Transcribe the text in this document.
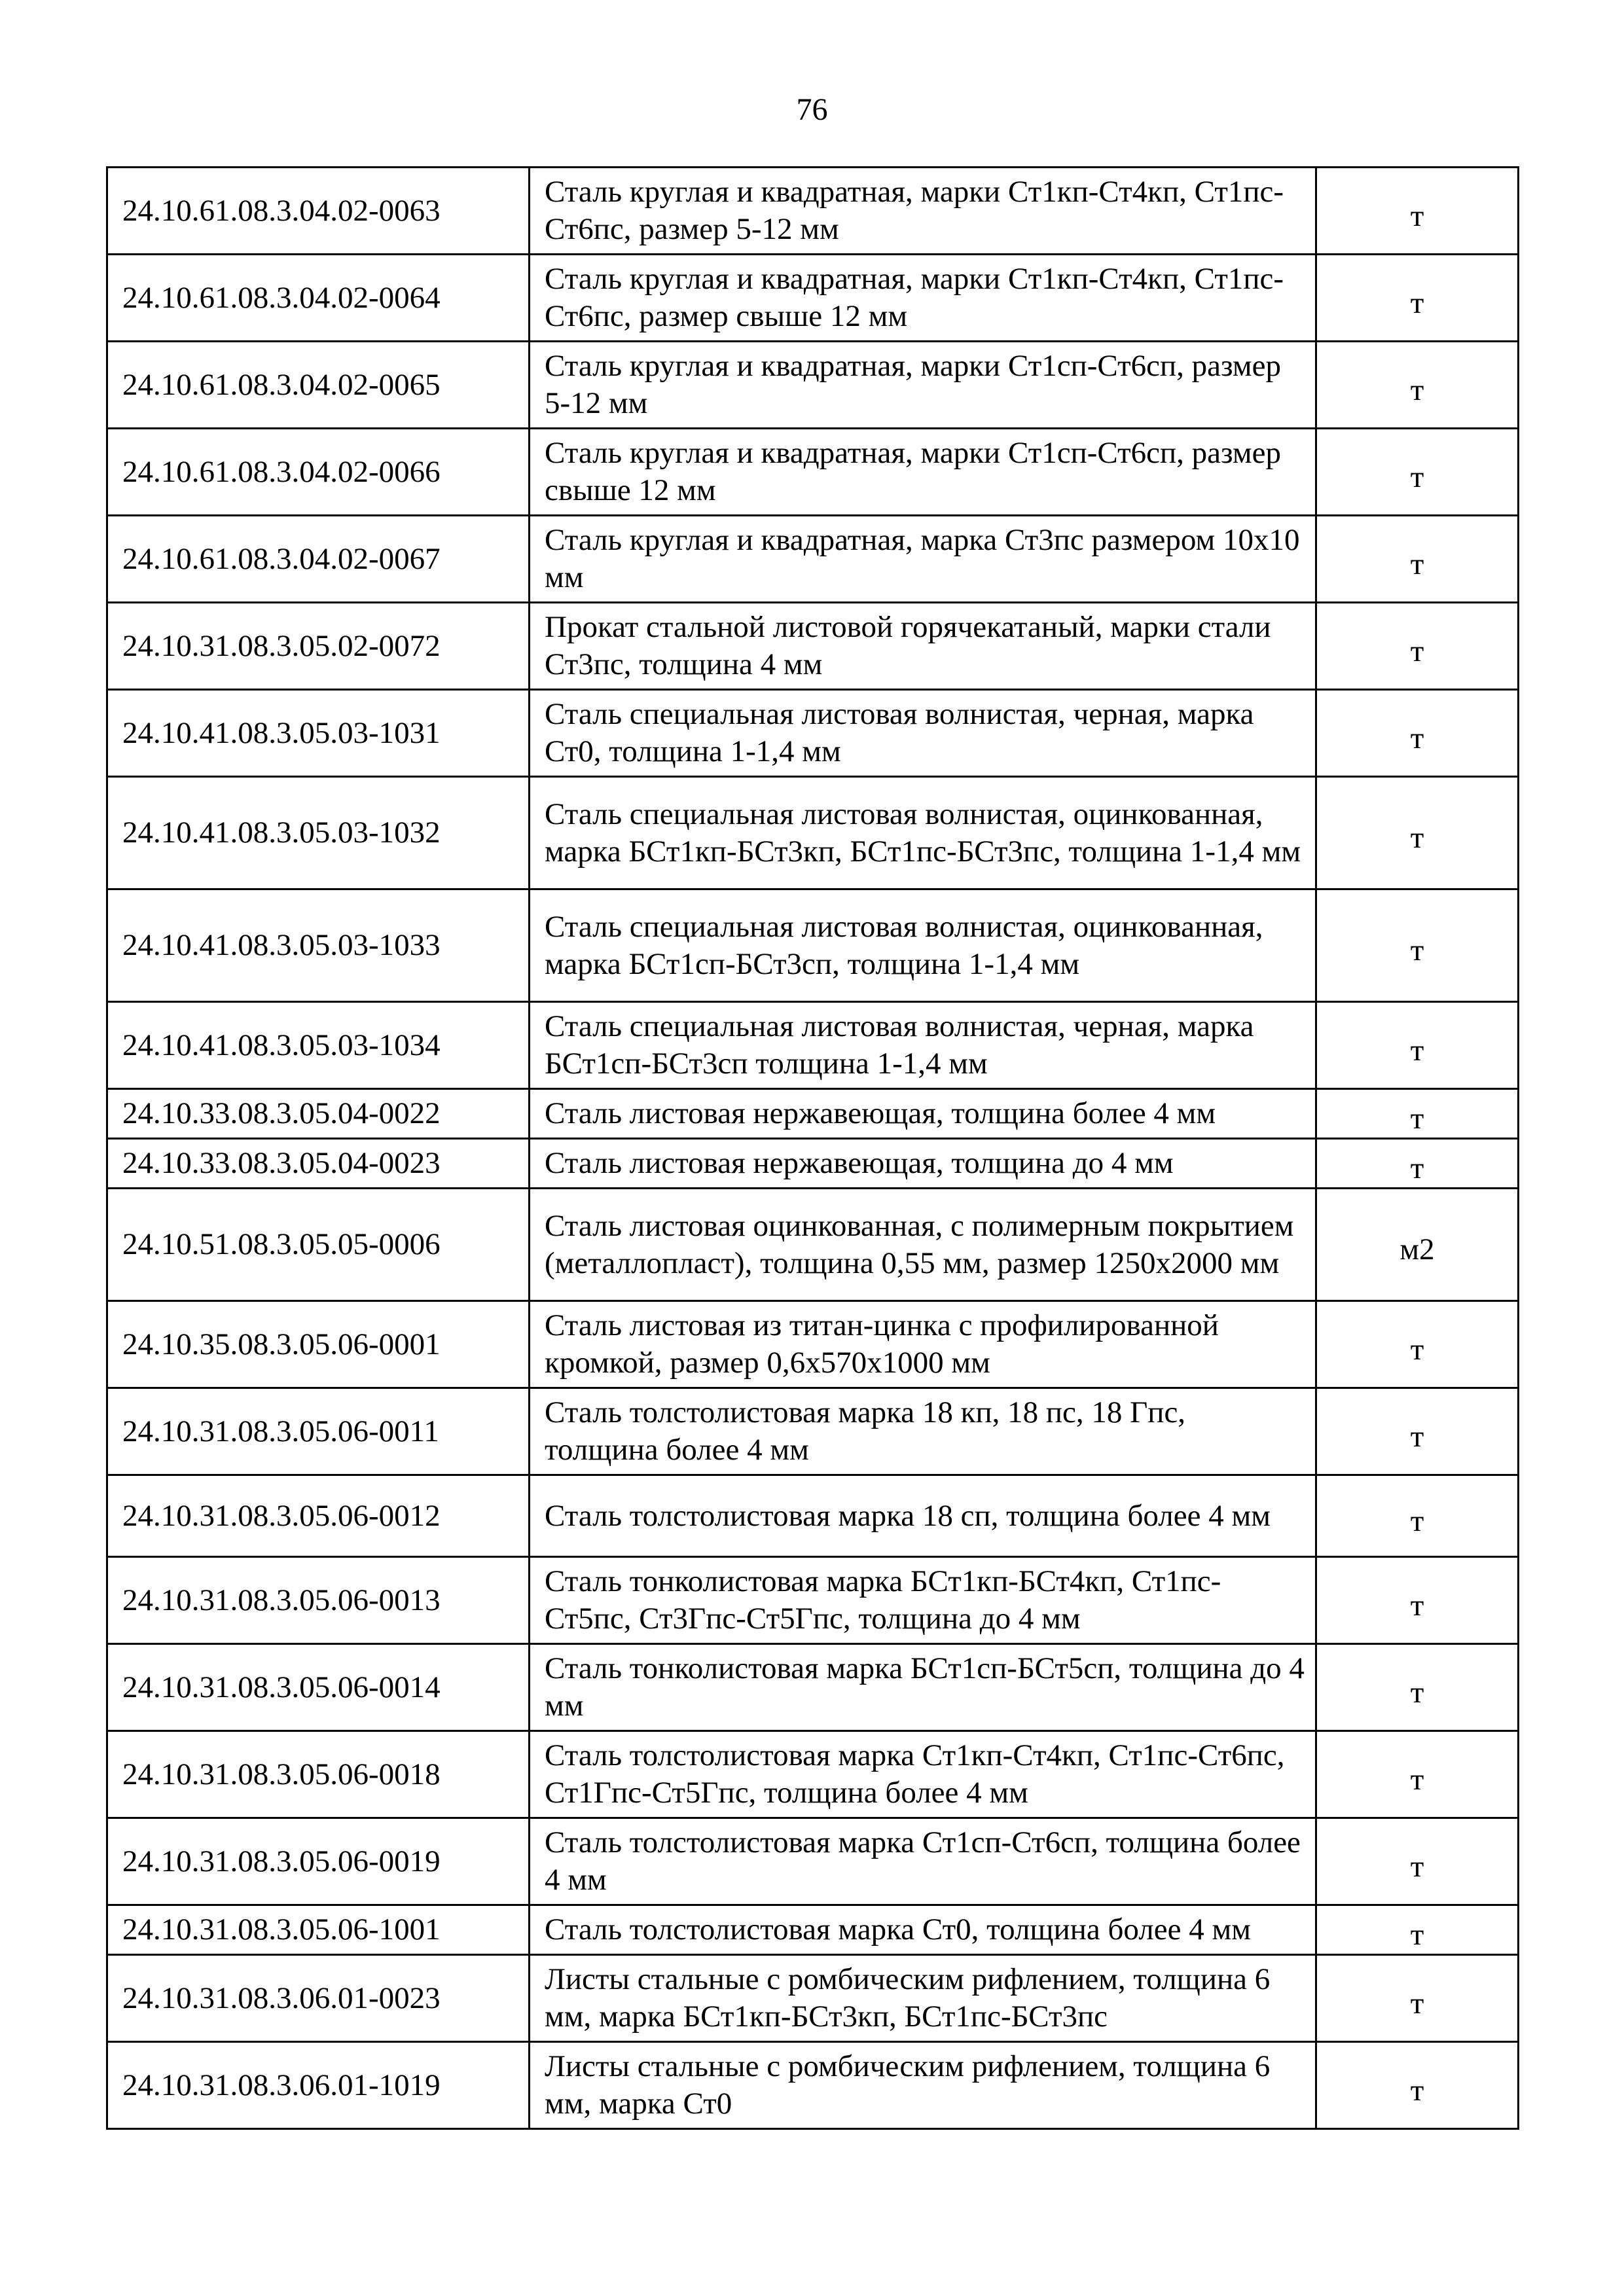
76
24.10.61.08.3.04.02-0063	Сталь круглая и квадратная, марки Ст1кп-Ст4кп, Ст1пс-Ст6пс, размер 5-12 мм	т
24.10.61.08.3.04.02-0064	Сталь круглая и квадратная, марки Ст1кп-Ст4кп, Ст1пс-Ст6пс, размер свыше 12 мм	т
24.10.61.08.3.04.02-0065	Сталь круглая и квадратная, марки Ст1сп-Ст6сп, размер 5-12 мм	т
24.10.61.08.3.04.02-0066	Сталь круглая и квадратная, марки Ст1сп-Ст6сп, размер свыше 12 мм	т
24.10.61.08.3.04.02-0067	Сталь круглая и квадратная, марка Ст3пс размером 10х10 мм	т
24.10.31.08.3.05.02-0072	Прокат стальной листовой горячекатаный, марки стали Ст3пс, толщина 4 мм	т
24.10.41.08.3.05.03-1031	Сталь специальная листовая волнистая, черная, марка Ст0, толщина 1-1,4 мм	т
24.10.41.08.3.05.03-1032	Сталь специальная листовая волнистая, оцинкованная, марка БСт1кп-БСт3кп, БСт1пс-БСт3пс, толщина 1-1,4 мм	т
24.10.41.08.3.05.03-1033	Сталь специальная листовая волнистая, оцинкованная, марка БСт1сп-БСт3сп, толщина 1-1,4 мм	т
24.10.41.08.3.05.03-1034	Сталь специальная листовая волнистая, черная, марка БСт1сп-БСт3сп толщина 1-1,4 мм	т
24.10.33.08.3.05.04-0022	Сталь листовая нержавеющая, толщина более 4 мм	т
24.10.33.08.3.05.04-0023	Сталь листовая нержавеющая, толщина до 4 мм	т
24.10.51.08.3.05.05-0006	Сталь листовая оцинкованная, с полимерным покрытием (металлопласт), толщина 0,55 мм, размер 1250х2000 мм	м2
24.10.35.08.3.05.06-0001	Сталь листовая из титан-цинка с профилированной кромкой, размер 0,6х570х1000 мм	т
24.10.31.08.3.05.06-0011	Сталь толстолистовая марка 18 кп, 18 пс, 18 Гпс, толщина более 4 мм	т
24.10.31.08.3.05.06-0012	Сталь толстолистовая марка 18 сп, толщина более 4 мм	т
24.10.31.08.3.05.06-0013	Сталь тонколистовая марка БСт1кп-БСт4кп, Ст1пс-Ст5пс, Ст3Гпс-Ст5Гпс, толщина до 4 мм	т
24.10.31.08.3.05.06-0014	Сталь тонколистовая марка БСт1сп-БСт5сп, толщина до 4 мм	т
24.10.31.08.3.05.06-0018	Сталь толстолистовая марка Ст1кп-Ст4кп, Ст1пс-Ст6пс, Ст1Гпс-Ст5Гпс, толщина более 4 мм	т
24.10.31.08.3.05.06-0019	Сталь толстолистовая марка Ст1сп-Ст6сп, толщина более 4 мм	т
24.10.31.08.3.05.06-1001	Сталь толстолистовая марка Ст0, толщина более 4 мм	т
24.10.31.08.3.06.01-0023	Листы стальные с ромбическим рифлением, толщина 6 мм, марка БСт1кп-БСт3кп, БСт1пс-БСт3пс	т
24.10.31.08.3.06.01-1019	Листы стальные с ромбическим рифлением, толщина 6 мм, марка Ст0	т
